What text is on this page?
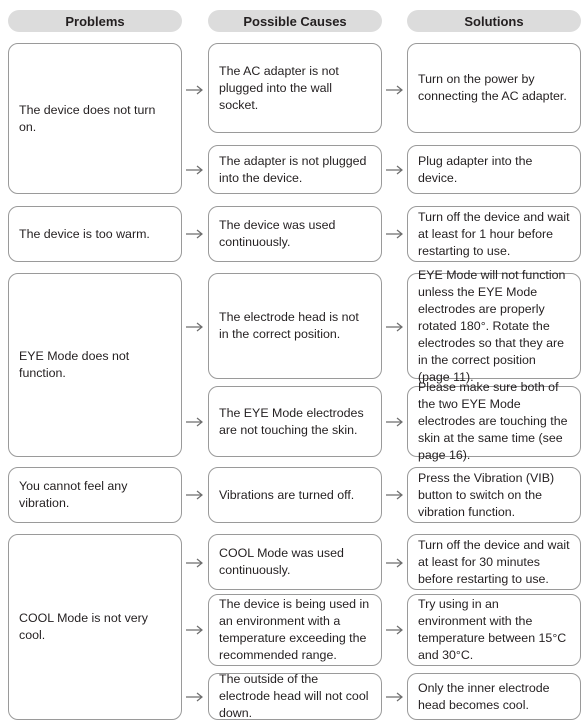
Problems	Possible Causes	Solutions
The device does not turn on.
The device is too warm.
EYE Mode does not function.
You cannot feel any vibration.
COOL Mode is not very cool.
The AC adapter is not plugged into the wall socket.
The adapter is not plugged into the device.
The device was used continuously.
The electrode head is not in the correct position.
The EYE Mode electrodes are not touching the skin.
Vibrations are turned off.
COOL Mode was used continuously.
The device is being used in an environment with a temperature exceeding the recommended range.
The outside of the electrode head will not cool down.
Turn on the power by connecting the AC adapter.
Plug adapter into the device.
Turn off the device and wait at least for 1 hour before restarting to use.
EYE Mode will not function unless the EYE Mode electrodes are properly rotated 180°. Rotate the electrodes so that they are in the correct position (page 11).
Please make sure both of the two EYE Mode electrodes are touching the skin at the same time (see page 16).
Press the Vibration (VIB) button to switch on the vibration function.
Turn off the device and wait at least for 30 minutes before restarting to use.
Try using in an environment with the temperature between 15°C and 30°C.
Only the inner electrode head becomes cool.
